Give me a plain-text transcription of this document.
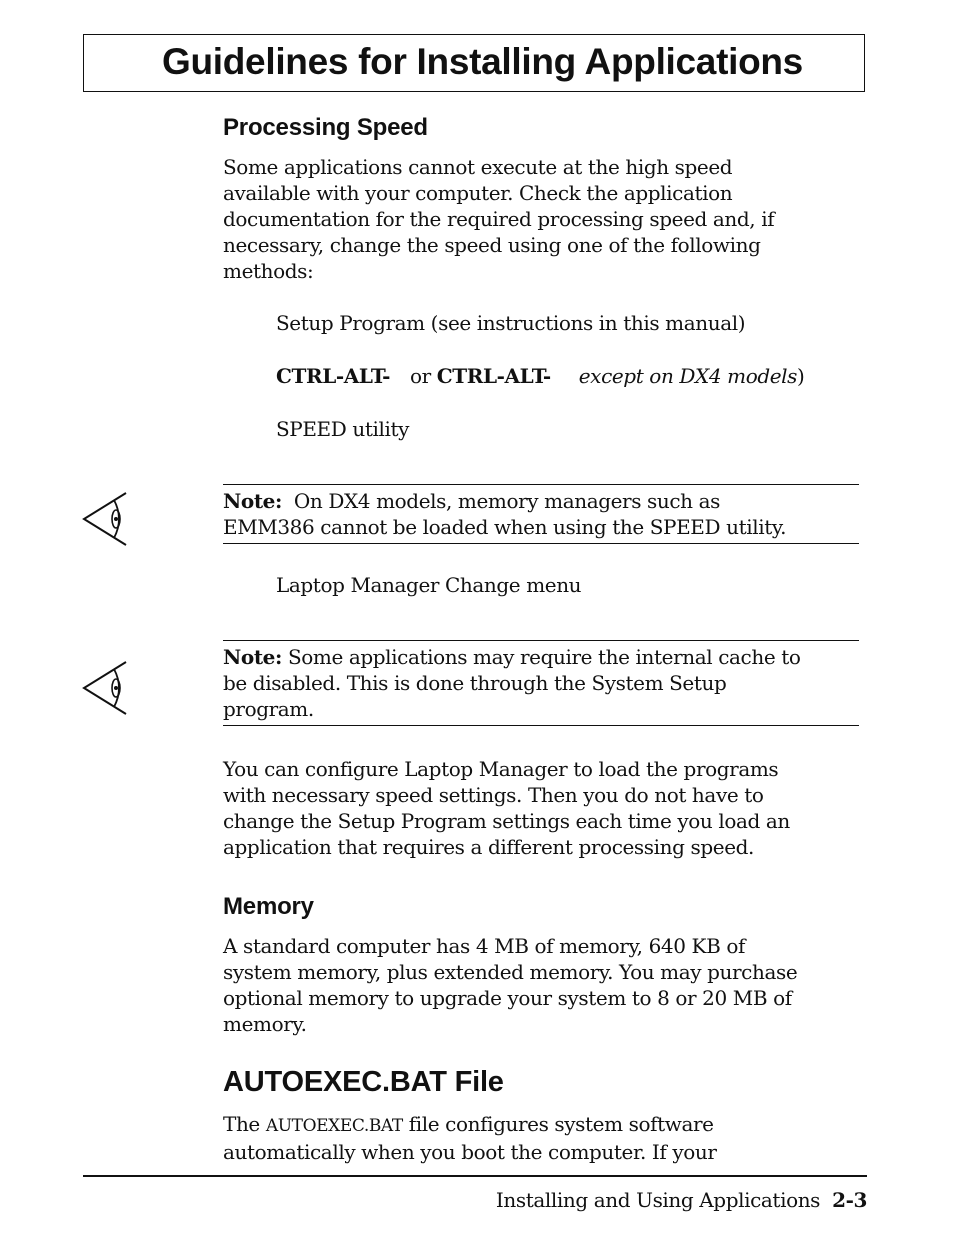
Guidelines for Installing Applications
Processing Speed
Some applications cannot execute at the high speed
available with your computer. Check the application
documentation for the required processing speed and, if
necessary, change the speed using one of the following
methods:
Setup Program (see instructions in this manual)
CTRL-ALT- or CTRL-ALT- except on DX4 models)
SPEED utility
Note: On DX4 models, memory managers such as
EMM386 cannot be loaded when using the SPEED utility.
Laptop Manager Change menu
Note: Some applications may require the internal cache to
be disabled. This is done through the System Setup
program.
You can configure Laptop Manager to load the programs
with necessary speed settings. Then you do not have to
change the Setup Program settings each time you load an
application that requires a different processing speed.
Memory
A standard computer has 4 MB of memory, 640 KB of
system memory, plus extended memory. You may purchase
optional memory to upgrade your system to 8 or 20 MB of
memory.
AUTOEXEC.BAT File
The AUTOEXEC.BAT file configures system software
automatically when you boot the computer. If your
Installing and Using Applications 2-3
